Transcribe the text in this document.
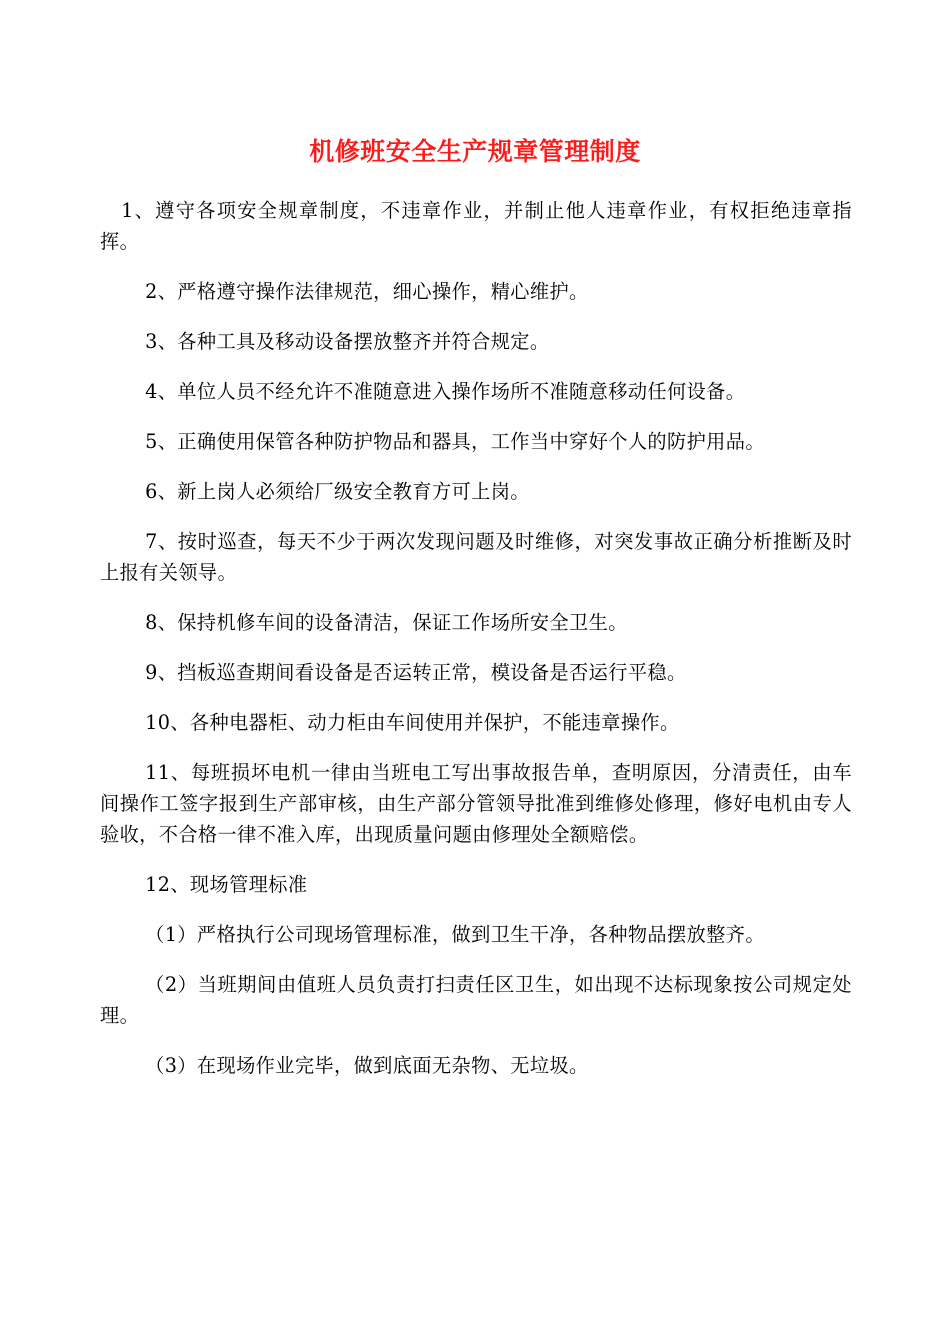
机修班安全生产规章管理制度

1、遵守各项安全规章制度，不违章作业，并制止他人违章作业，有权拒绝违章指挥。

2、严格遵守操作法律规范，细心操作，精心维护。

3、各种工具及移动设备摆放整齐并符合规定。

4、单位人员不经允许不准随意进入操作场所不准随意移动任何设备。

5、正确使用保管各种防护物品和器具，工作当中穿好个人的防护用品。

6、新上岗人必须给厂级安全教育方可上岗。

7、按时巡查，每天不少于两次发现问题及时维修，对突发事故正确分析推断及时上报有关领导。

8、保持机修车间的设备清洁，保证工作场所安全卫生。

9、挡板巡查期间看设备是否运转正常，模设备是否运行平稳。

10、各种电器柜、动力柜由车间使用并保护，不能违章操作。

11、每班损坏电机一律由当班电工写出事故报告单，查明原因，分清责任，由车间操作工签字报到生产部审核，由生产部分管领导批准到维修处修理，修好电机由专人验收，不合格一律不准入库，出现质量问题由修理处全额赔偿。

12、现场管理标准

（1）严格执行公司现场管理标准，做到卫生干净，各种物品摆放整齐。

（2）当班期间由值班人员负责打扫责任区卫生，如出现不达标现象按公司规定处理。

（3）在现场作业完毕，做到底面无杂物、无垃圾。
